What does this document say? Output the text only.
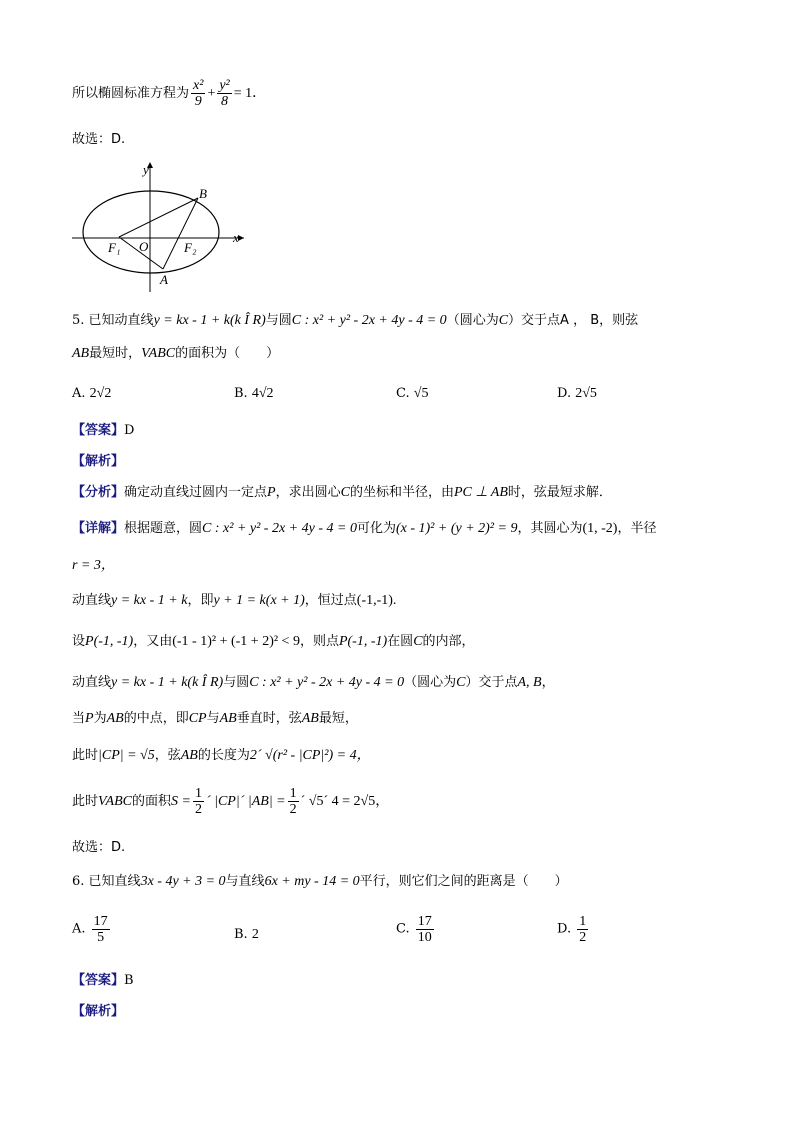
所以椭圆标准方程为 $\frac{\text{x²}}{9} + \frac{\text{y²}}{8} = 1$．
故选：D.
y
x
B
A
O
F₁	F₂
5. 已知动直线y = kx - 1 + k(k Î R)与圆C : x² + y² - 2x + 4y - 4 = 0（圆心为C）交于点A ， B，则弦
AB最短时，VABC的面积为（　　）
A. 2√2	B. 4√2	C. √5	D. 2√5
【答案】D
【解析】
【分析】确定动直线过圆内一定点P，求出圆心C的坐标和半径，由PC ⊥ AB时，弦最短求解．
【详解】根据题意，圆C : x² + y² - 2x + 4y - 4 = 0可化为(x - 1)² + (y + 2)² = 9，其圆心为(1, -2)，半径
r = 3，
动直线y = kx - 1 + k，即y + 1 = k(x + 1)，恒过点(-1,-1).
设P(-1, -1)，又由(-1 - 1)² + (-1 + 2)² < 9，则点P(-1, -1)在圆C的内部，
动直线y = kx - 1 + k(k Î R)与圆C : x² + y² - 2x + 4y - 4 = 0（圆心为C）交于点A, B，
当P为AB的中点，即CP与AB垂直时，弦AB最短，
此时|CP| = √5，弦AB的长度为2´ √(r² - |CP|²) = 4，
此时VABC的面积$S = \frac{1}{2}$ ´ |CP|´ $|AB| = \frac{1}{2}$ ´ √5´ 4 = 2√5，
故选：D.
6. 已知直线3x - 4y + 3 = 0与直线6x + my - 14 = 0平行，则它们之间的距离是（　　）
A. $\frac{17}{5}$	B. 2	C. $\frac{17}{10}$	D. $\frac{1}{2}$
【答案】B
【解析】
